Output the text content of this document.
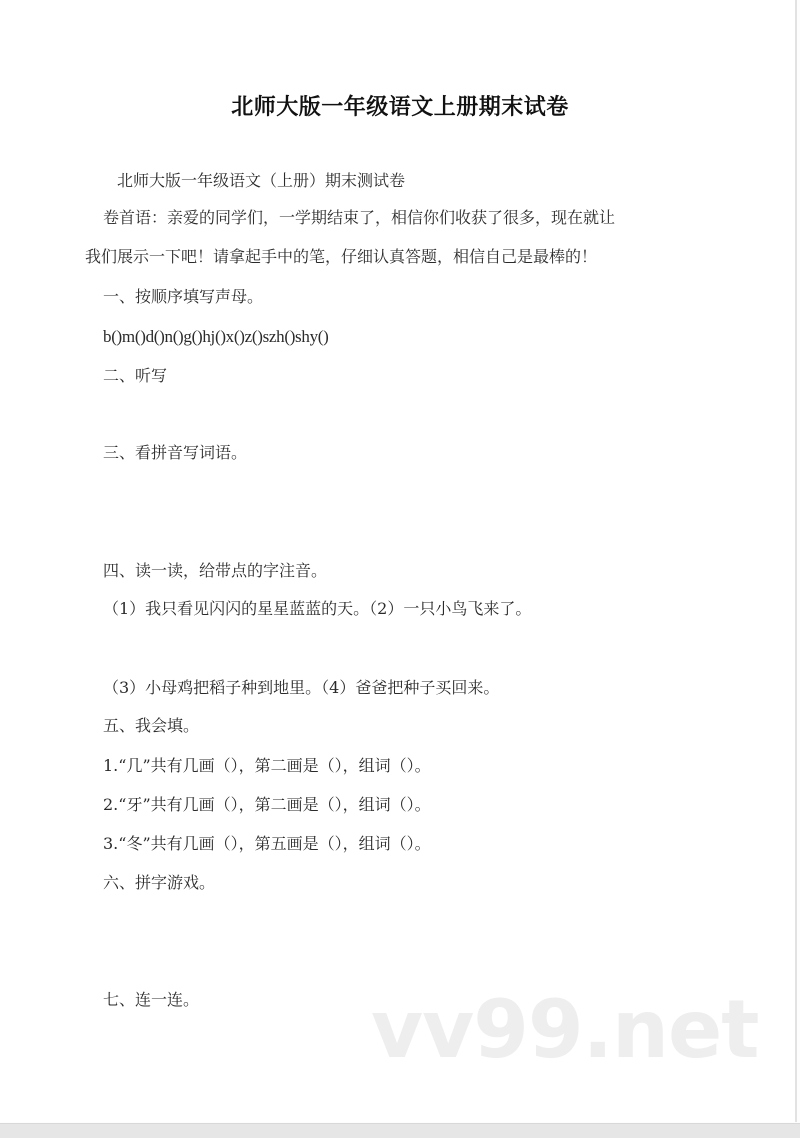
北师大版一年级语文上册期末试卷
北师大版一年级语文（上册）期末测试卷
卷首语：亲爱的同学们，一学期结束了，相信你们收获了很多，现在就让
我们展示一下吧！请拿起手中的笔，仔细认真答题，相信自己是最棒的！
一、按顺序填写声母。
b()m()d()n()g()hj()x()z()szh()shy()
二、听写
三、看拼音写词语。
四、读一读，给带点的字注音。
（1）我只看见闪闪的星星蓝蓝的天。（2）一只小鸟飞来了。
（3）小母鸡把稻子种到地里。（4）爸爸把种子买回来。
五、我会填。
1.“几”共有几画（），第二画是（），组词（）。
2.“牙”共有几画（），第二画是（），组词（）。
3.“冬”共有几画（），第五画是（），组词（）。
六、拼字游戏。
七、连一连。 vv99.net
